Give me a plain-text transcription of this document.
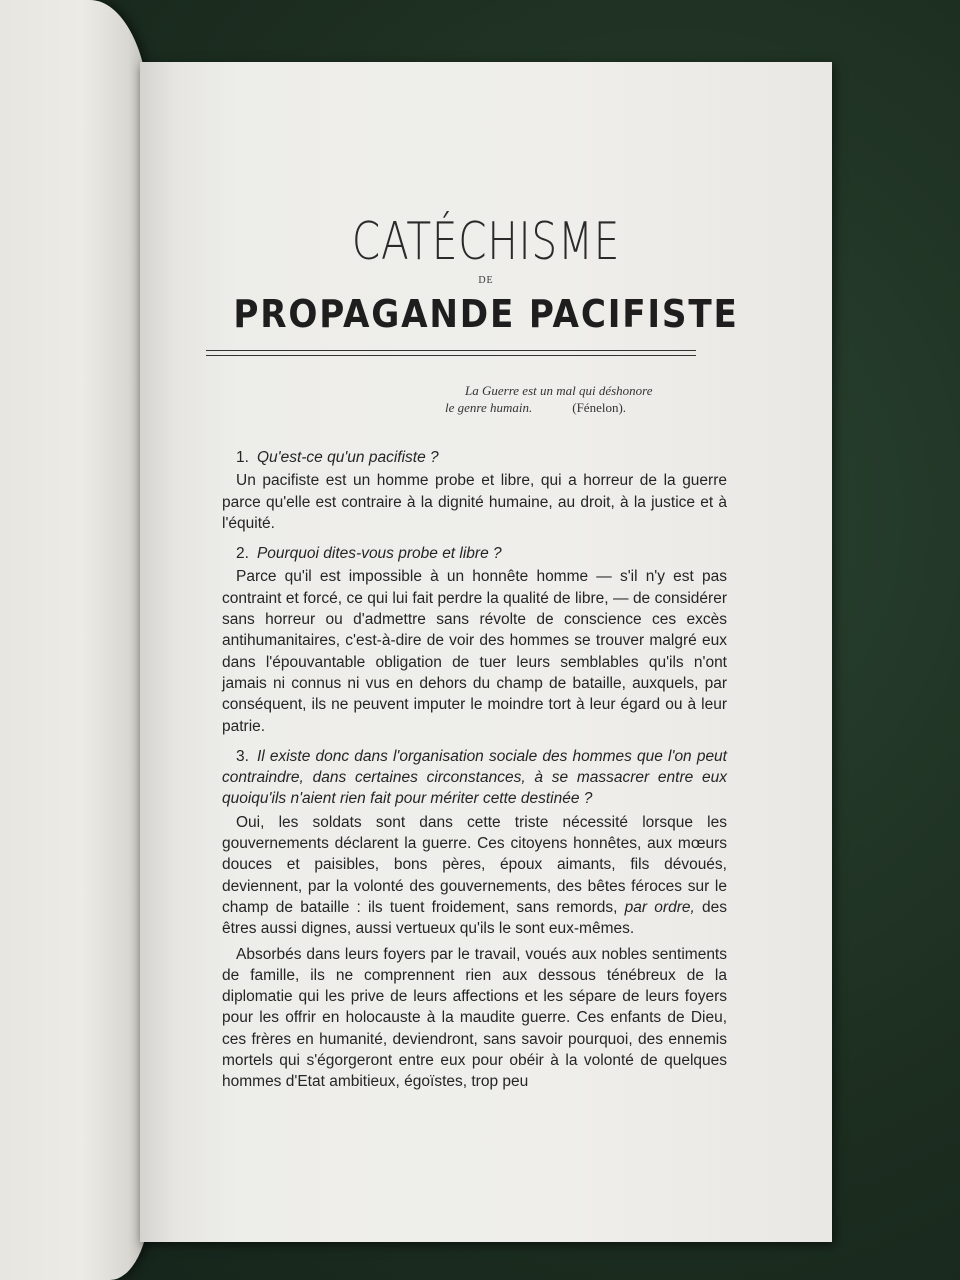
CATÉCHISME
DE
PROPAGANDE PACIFISTE
La Guerre est un mal qui déshonore
le genre humain.	(Fénelon).

1. Qu'est-ce qu'un pacifiste ?

Un pacifiste est un homme probe et libre, qui a horreur de la guerre parce qu'elle est contraire à la dignité humaine, au droit, à la justice et à l'équité.

2. Pourquoi dites-vous probe et libre ?

Parce qu'il est impossible à un honnête homme — s'il n'y est pas contraint et forcé, ce qui lui fait perdre la qualité de libre, — de considérer sans horreur ou d'admettre sans révolte de conscience ces excès antihumanitaires, c'est-à-dire de voir des hommes se trouver malgré eux dans l'épouvantable obligation de tuer leurs semblables qu'ils n'ont jamais ni connus ni vus en dehors du champ de bataille, auxquels, par conséquent, ils ne peuvent imputer le moindre tort à leur égard ou à leur patrie.

3. Il existe donc dans l'organisation sociale des hommes que l'on peut contraindre, dans certaines circonstances, à se massacrer entre eux quoiqu'ils n'aient rien fait pour mériter cette destinée ?

Oui, les soldats sont dans cette triste nécessité lorsque les gouvernements déclarent la guerre. Ces citoyens honnêtes, aux mœurs douces et paisibles, bons pères, époux aimants, fils dévoués, deviennent, par la volonté des gouvernements, des bêtes féroces sur le champ de bataille : ils tuent froidement, sans remords, par ordre, des êtres aussi dignes, aussi vertueux qu'ils le sont eux-mêmes.

Absorbés dans leurs foyers par le travail, voués aux nobles sentiments de famille, ils ne comprennent rien aux dessous ténébreux de la diplomatie qui les prive de leurs affections et les sépare de leurs foyers pour les offrir en holocauste à la maudite guerre. Ces enfants de Dieu, ces frères en humanité, deviendront, sans savoir pourquoi, des ennemis mortels qui s'égorgeront entre eux pour obéir à la volonté de quelques hommes d'Etat ambitieux, égoïstes, trop peu
